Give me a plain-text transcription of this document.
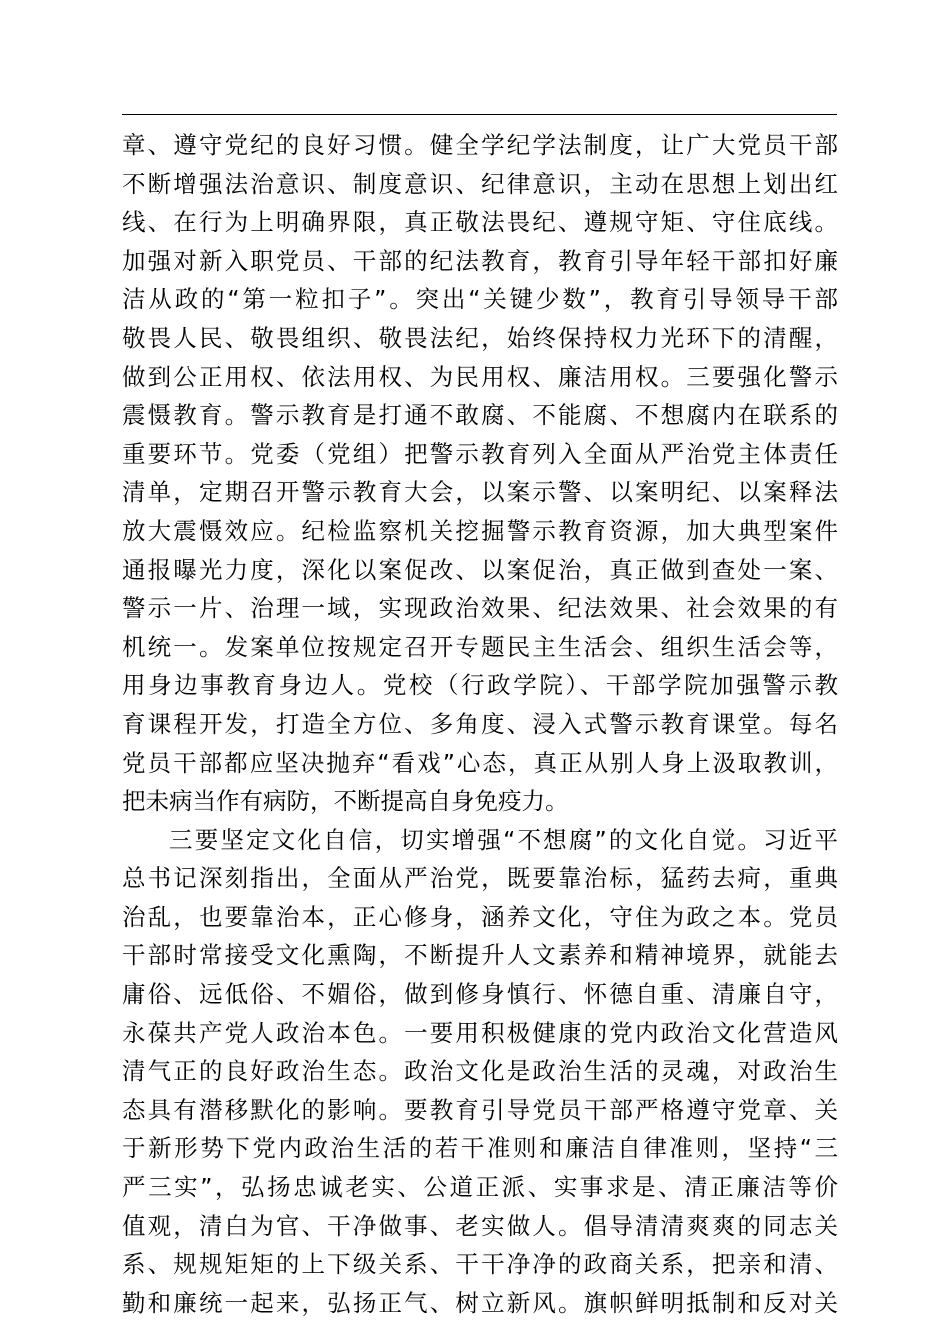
章、遵守党纪的良好习惯。健全学纪学法制度，让广大党员干部
不断增强法治意识、制度意识、纪律意识，主动在思想上划出红
线、在行为上明确界限，真正敬法畏纪、遵规守矩、守住底线。
加强对新入职党员、干部的纪法教育，教育引导年轻干部扣好廉
洁从政的“第一粒扣子”。突出“关键少数”，教育引导领导干部
敬畏人民、敬畏组织、敬畏法纪，始终保持权力光环下的清醒，
做到公正用权、依法用权、为民用权、廉洁用权。三要强化警示
震慑教育。警示教育是打通不敢腐、不能腐、不想腐内在联系的
重要环节。党委（党组）把警示教育列入全面从严治党主体责任
清单，定期召开警示教育大会，以案示警、以案明纪、以案释法
放大震慑效应。纪检监察机关挖掘警示教育资源，加大典型案件
通报曝光力度，深化以案促改、以案促治，真正做到查处一案、
警示一片、治理一域，实现政治效果、纪法效果、社会效果的有
机统一。发案单位按规定召开专题民主生活会、组织生活会等，
用身边事教育身边人。党校（行政学院）、干部学院加强警示教
育课程开发，打造全方位、多角度、浸入式警示教育课堂。每名
党员干部都应坚决抛弃“看戏”心态，真正从别人身上汲取教训，
把未病当作有病防，不断提高自身免疫力。
三要坚定文化自信，切实增强“不想腐”的文化自觉。习近平
总书记深刻指出，全面从严治党，既要靠治标，猛药去疴，重典
治乱，也要靠治本，正心修身，涵养文化，守住为政之本。党员
干部时常接受文化熏陶，不断提升人文素养和精神境界，就能去
庸俗、远低俗、不媚俗，做到修身慎行、怀德自重、清廉自守，
永葆共产党人政治本色。一要用积极健康的党内政治文化营造风
清气正的良好政治生态。政治文化是政治生活的灵魂，对政治生
态具有潜移默化的影响。要教育引导党员干部严格遵守党章、关
于新形势下党内政治生活的若干准则和廉洁自律准则，坚持“三
严三实”，弘扬忠诚老实、公道正派、实事求是、清正廉洁等价
值观，清白为官、干净做事、老实做人。倡导清清爽爽的同志关
系、规规矩矩的上下级关系、干干净净的政商关系，把亲和清、
勤和廉统一起来，弘扬正气、树立新风。旗帜鲜明抵制和反对关
